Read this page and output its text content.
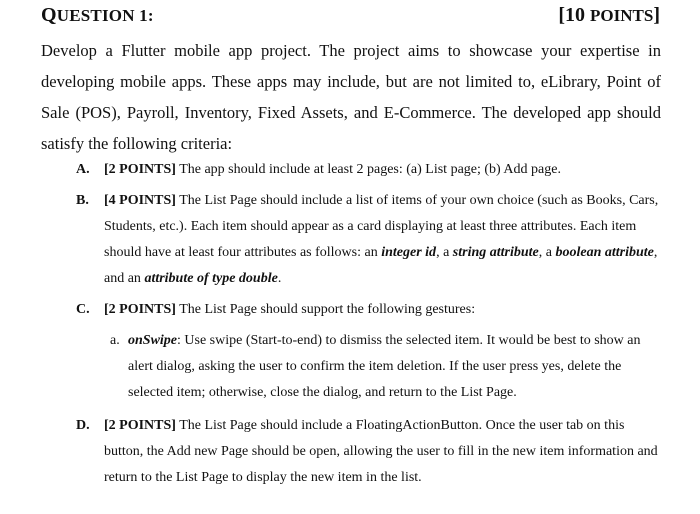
QUESTION 1:	[10 POINTS]
Develop a Flutter mobile app project. The project aims to showcase your expertise in developing mobile apps. These apps may include, but are not limited to, eLibrary, Point of Sale (POS), Payroll, Inventory, Fixed Assets, and E-Commerce. The developed app should satisfy the following criteria:
A.	[2 POINTS] The app should include at least 2 pages: (a) List page; (b) Add page.
B.	[4 POINTS] The List Page should include a list of items of your own choice (such as Books, Cars, Students, etc.). Each item should appear as a card displaying at least three attributes. Each item should have at least four attributes as follows: an integer id, a string attribute, a boolean attribute, and an attribute of type double.
C.	[2 POINTS] The List Page should support the following gestures:
a. onSwipe: Use swipe (Start-to-end) to dismiss the selected item. It would be best to show an alert dialog, asking the user to confirm the item deletion. If the user press yes, delete the selected item; otherwise, close the dialog, and return to the List Page.
D.	[2 POINTS] The List Page should include a FloatingActionButton. Once the user tab on this button, the Add new Page should be open, allowing the user to fill in the new item information and return to the List Page to display the new item in the list.
